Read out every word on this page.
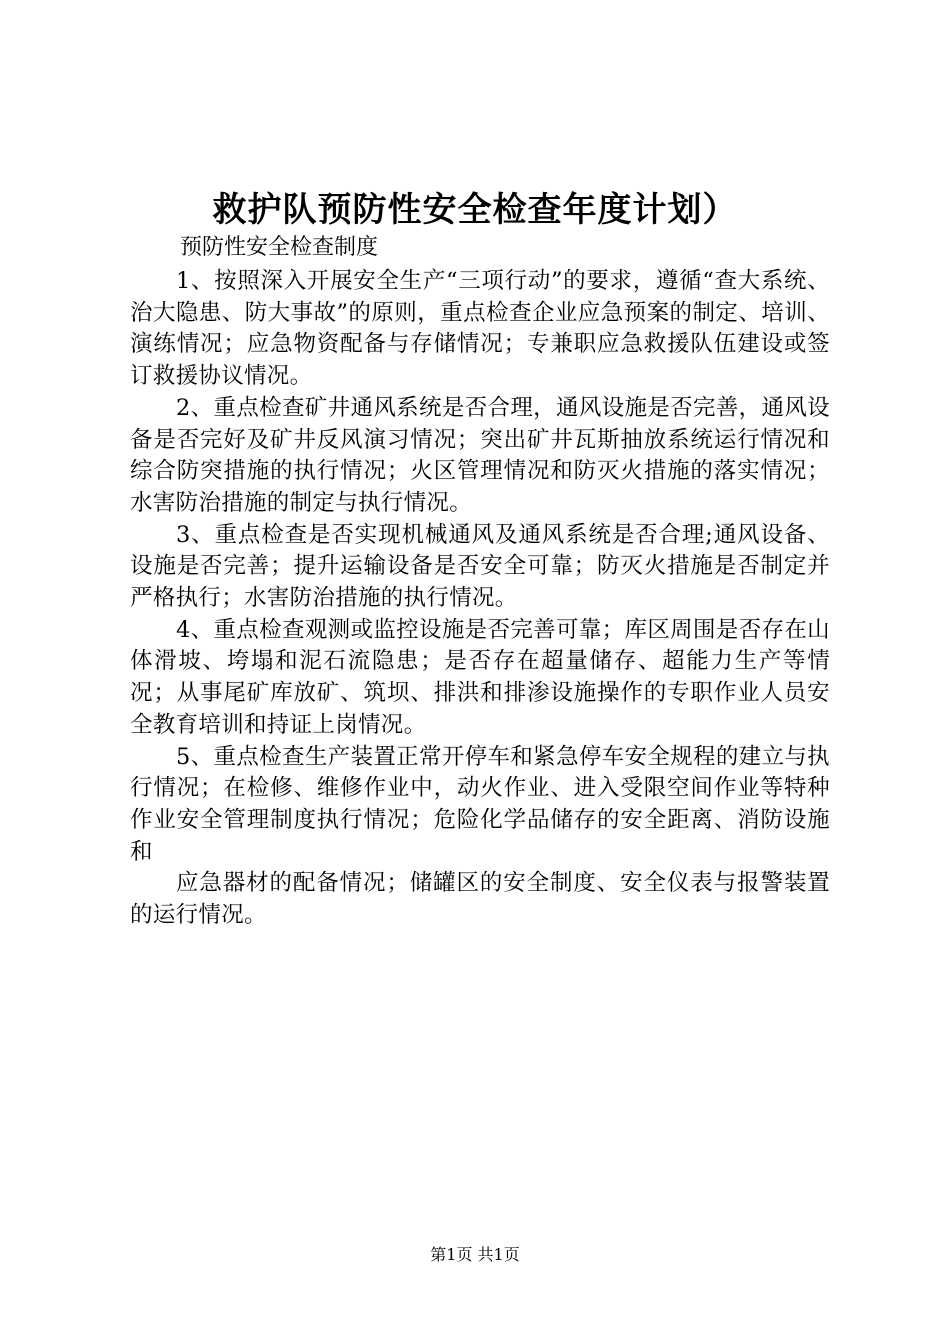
救护队预防性安全检查年度计划）
预防性安全检查制度

1、按照深入开展安全生产“三项行动”的要求，遵循“查大系统、治大隐患、防大事故”的原则，重点检查企业应急预案的制定、培训、演练情况；应急物资配备与存储情况；专兼职应急救援队伍建设或签订救援协议情况。

2、重点检查矿井通风系统是否合理，通风设施是否完善，通风设备是否完好及矿井反风演习情况；突出矿井瓦斯抽放系统运行情况和综合防突措施的执行情况；火区管理情况和防灭火措施的落实情况；水害防治措施的制定与执行情况。

3、重点检查是否实现机械通风及通风系统是否合理;通风设备、设施是否完善；提升运输设备是否安全可靠；防灭火措施是否制定并严格执行；水害防治措施的执行情况。

4、重点检查观测或监控设施是否完善可靠；库区周围是否存在山体滑坡、垮塌和泥石流隐患；是否存在超量储存、超能力生产等情况；从事尾矿库放矿、筑坝、排洪和排渗设施操作的专职作业人员安全教育培训和持证上岗情况。

5、重点检查生产装置正常开停车和紧急停车安全规程的建立与执行情况；在检修、维修作业中，动火作业、进入受限空间作业等特种作业安全管理制度执行情况；危险化学品储存的安全距离、消防设施和

应急器材的配备情况；储罐区的安全制度、安全仪表与报警装置的运行情况。

第1页 共1页
